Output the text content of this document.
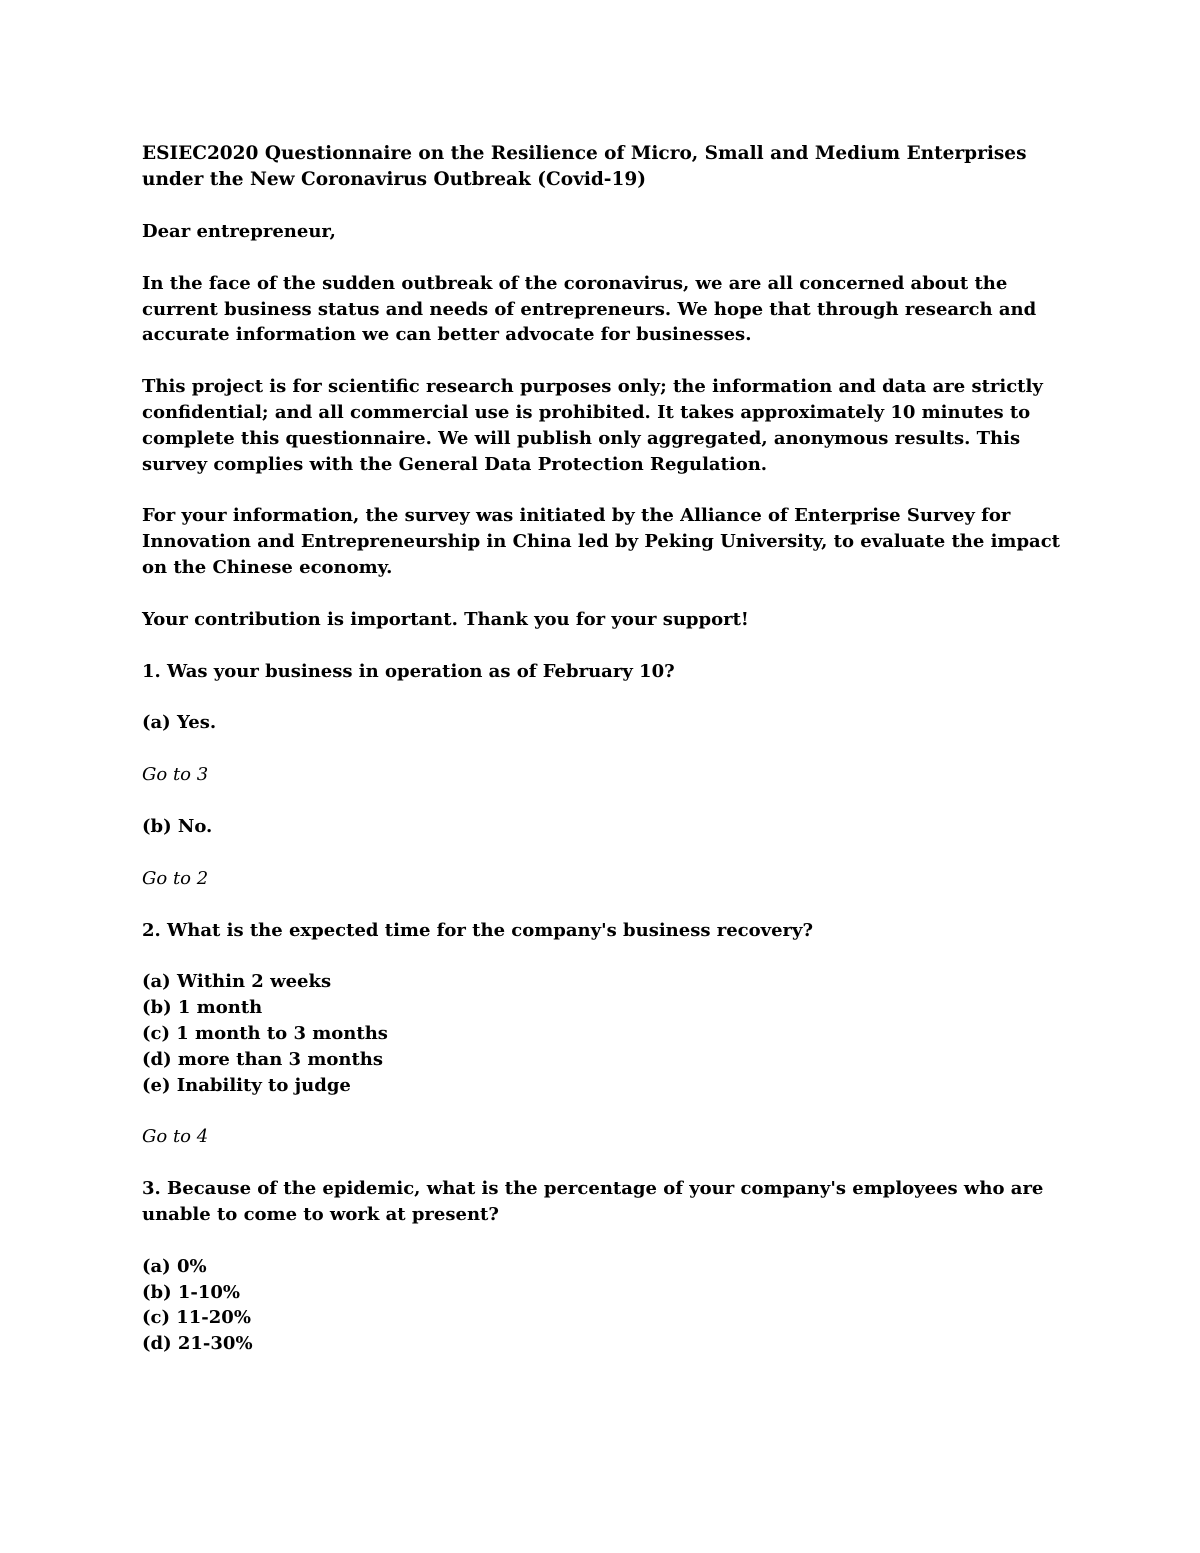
ESIEC2020 Questionnaire on the Resilience of Micro, Small and Medium Enterprises under the New Coronavirus Outbreak (Covid-19)
Dear entrepreneur,
In the face of the sudden outbreak of the coronavirus, we are all concerned about the current business status and needs of entrepreneurs. We hope that through research and accurate information we can better advocate for businesses.
This project is for scientific research purposes only; the information and data are strictly confidential; and all commercial use is prohibited. It takes approximately 10 minutes to complete this questionnaire. We will publish only aggregated, anonymous results. This survey complies with the General Data Protection Regulation.
For your information, the survey was initiated by the Alliance of Enterprise Survey for Innovation and Entrepreneurship in China led by Peking University, to evaluate the impact on the Chinese economy.
Your contribution is important. Thank you for your support!
1. Was your business in operation as of February 10?
(a) Yes.
Go to 3
(b) No.
Go to 2
2. What is the expected time for the company's business recovery?
(a) Within 2 weeks
(b) 1 month
(c) 1 month to 3 months
(d) more than 3 months
(e) Inability to judge
Go to 4
3. Because of the epidemic, what is the percentage of your company's employees who are unable to come to work at present?
(a) 0%
(b) 1-10%
(c) 11-20%
(d) 21-30%
